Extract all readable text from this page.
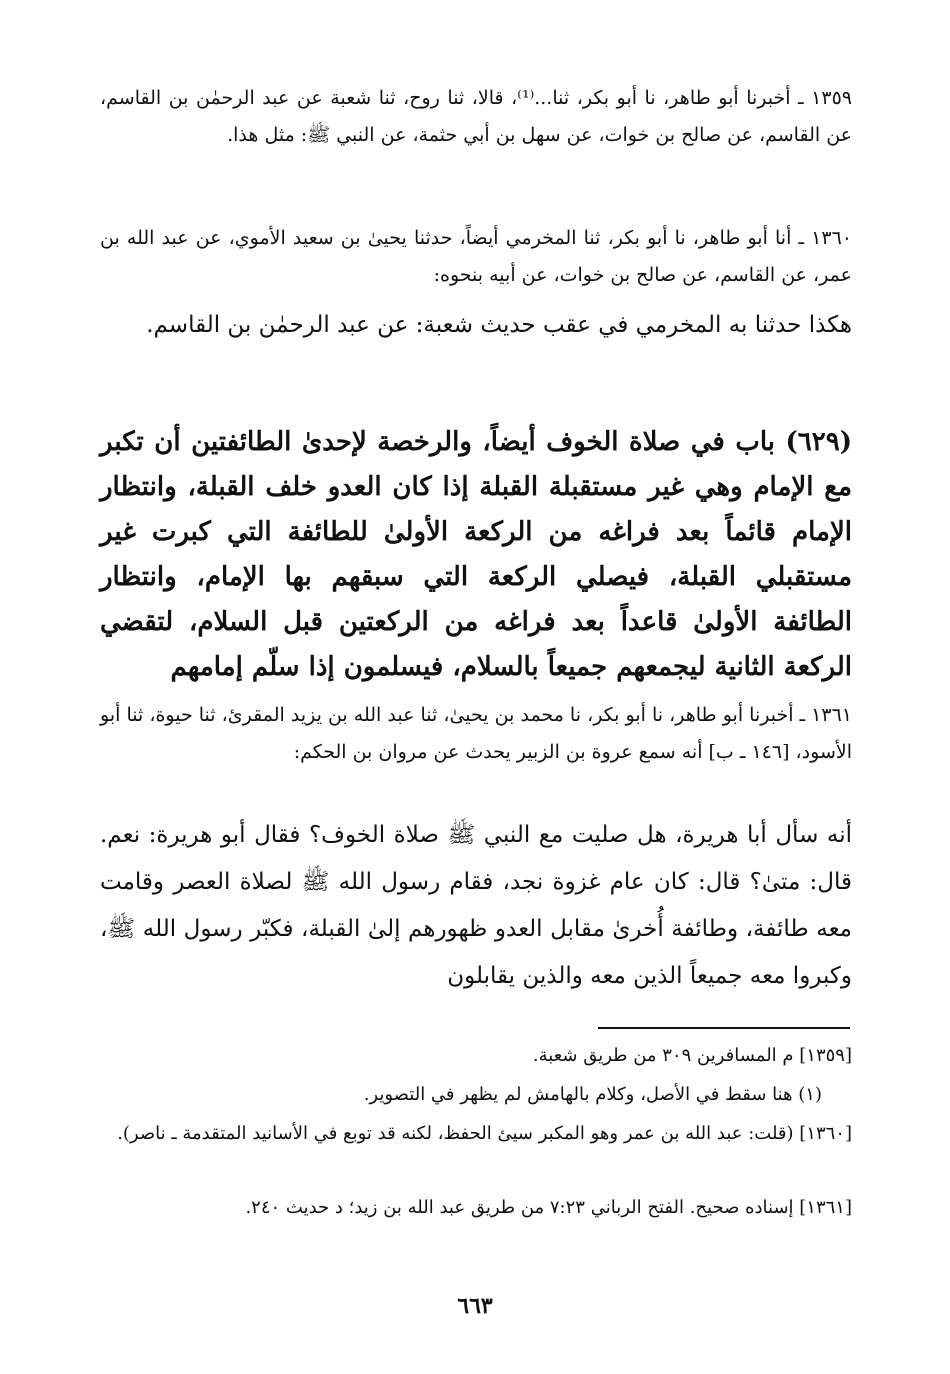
١٣٥٩ ـ أخبرنا أبو طاهر، نا أبو بكر، ثنا...⁽¹⁾، قالا، ثنا روح، ثنا شعبة عن عبد الرحمٰن بن القاسم، عن القاسم، عن صالح بن خوات، عن سهل بن أبي حثمة، عن النبي ﷺ: مثل هذا.

١٣٦٠ ـ أنا أبو طاهر، نا أبو بكر، ثنا المخرمي أيضاً، حدثنا يحيىٰ بن سعيد الأموي، عن عبد الله بن عمر، عن القاسم، عن صالح بن خوات، عن أبيه بنحوه:

هكذا حدثنا به المخرمي في عقب حديث شعبة: عن عبد الرحمٰن بن القاسم.

(٦٢٩) باب في صلاة الخوف أيضاً، والرخصة لإحدىٰ الطائفتين أن تكبر مع الإمام وهي غير مستقبلة القبلة إذا كان العدو خلف القبلة، وانتظار الإمام قائماً بعد فراغه من الركعة الأولىٰ للطائفة التي كبرت غير مستقبلي القبلة، فيصلي الركعة التي سبقهم بها الإمام، وانتظار الطائفة الأولىٰ قاعداً بعد فراغه من الركعتين قبل السلام، لتقضي الركعة الثانية ليجمعهم جميعاً بالسلام، فيسلمون إذا سلّم إمامهم

١٣٦١ ـ أخبرنا أبو طاهر، نا أبو بكر، نا محمد بن يحيىٰ، ثنا عبد الله بن يزيد المقرئ، ثنا حيوة، ثنا أبو الأسود، [١٤٦ ـ ب] أنه سمع عروة بن الزبير يحدث عن مروان بن الحكم:

أنه سأل أبا هريرة، هل صليت مع النبي ﷺ صلاة الخوف؟ فقال أبو هريرة: نعم. قال: متىٰ؟ قال: كان عام غزوة نجد، فقام رسول الله ﷺ لصلاة العصر وقامت معه طائفة، وطائفة أُخرىٰ مقابل العدو ظهورهم إلىٰ القبلة، فكبّر رسول الله ﷺ، وكبروا معه جميعاً الذين معه والذين يقابلون

[١٣٥٩] م المسافرين ٣٠٩ من طريق شعبة.

(١) هنا سقط في الأصل، وكلام بالهامش لم يظهر في التصوير.

[١٣٦٠] (قلت: عبد الله بن عمر وهو المكبر سيئ الحفظ، لكنه قد توبع في الأسانيد المتقدمة ـ ناصر).

[١٣٦١] إسناده صحيح. الفتح الرباني ٧:٢٣ من طريق عبد الله بن زيد؛ د حديث ٢٤٠.

٦٦٣
